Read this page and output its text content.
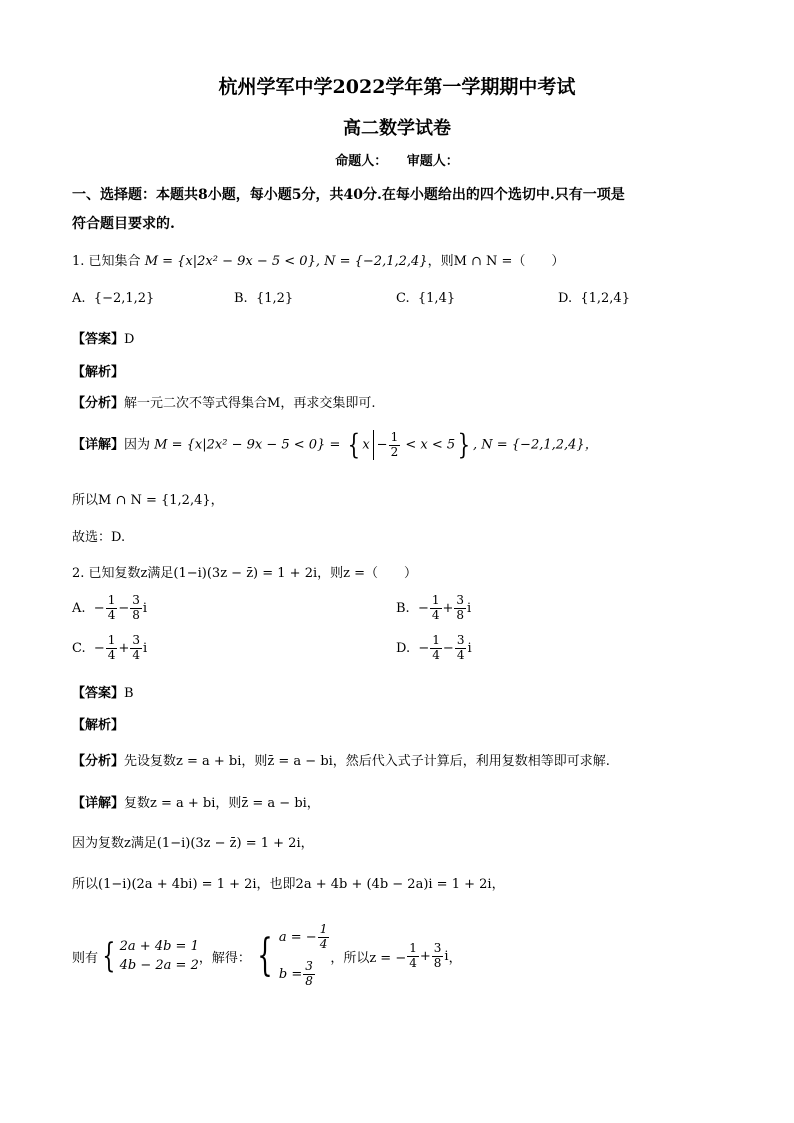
杭州学军中学2022学年第一学期期中考试
高二数学试卷
命题人：　　审题人：
一、选择题：本题共8小题，每小题5分，共40分.在每小题给出的四个选切中.只有一项是
符合题目要求的.
1. 已知集合 M = {x|2x² − 9x − 5 < 0}, N = {−2,1,2,4}，则M ∩ N =（　　）
A. {−2,1,2}	B. {1,2}	C. {1,4}	D. {1,2,4}
【答案】D
【解析】
【分析】解一元二次不等式得集合M，再求交集即可.
【详解】因为 M = {x|2x² − 9x − 5 < 0} = { $x - \frac{1}{2} < x < 5$} , N = {−2,1,2,4}，
所以M ∩ N = {1,2,4}，
故选：D.
2. 已知复数z满足(1−i)(3z − z̄) = 1 + 2i，则z =（　　）
A. − $\frac{1}{4} - \frac{3}{8}$ i	B. − $\frac{1}{4} + \frac{3}{8}$ i
C. − $\frac{1}{4} + \frac{3}{4}$ i	D. − $\frac{1}{4} - \frac{3}{4}$ i
【答案】B
【解析】
【分析】先设复数z = a + bi，则z̄ = a − bi，然后代入式子计算后，利用复数相等即可求解.
【详解】复数z = a + bi，则z̄ = a − bi，
因为复数z满足(1−i)(3z − z̄) = 1 + 2i，
所以(1−i)(2a + 4bi) = 1 + 2i，也即2a + 4b + (4b − 2a)i = 1 + 2i，
则有 { 2a + 4b = 1
4b − 2a = 2 ，解得： { a = − $\frac{1}{4}$
$b = \frac{3}{8}$
，所以z = − $\frac{1}{4} + \frac{3}{8}$ i ，
